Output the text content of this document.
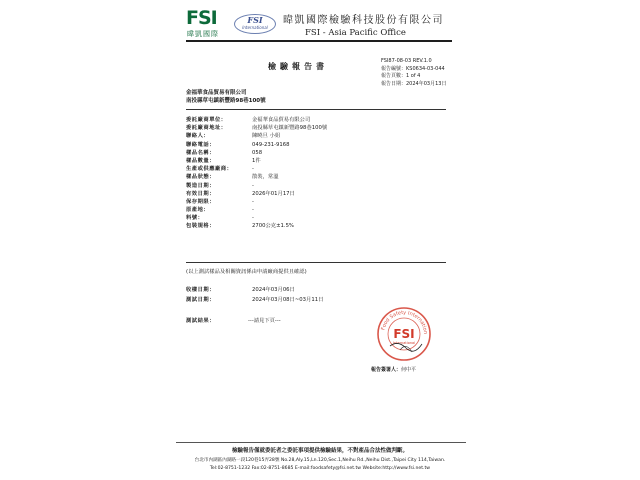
FSI
暐凱國際
FSI
International
暐凱國際檢驗科技股份有限公司
FSI - Asia Pacific Office
檢驗報告書
FSI87-08-03 REV.1.0
報告編號：KS0634-03-044
報告頁數：1 of 4
報告日期：2024年03月13日
金福華食品貿易有限公司
南投縣草屯鎮新豐路98巷100號
委託廠商單位：	金福華食品貿易有限公司
委託廠商地址：	南投縣草屯鎮新豐路98巷100號
聯絡人：	陳曉旦 小姐
聯絡電話：	049-231-9168
樣品名稱：	058
樣品數量：	1件
生產或供應廠商：	-
樣品狀態：	散裝，常溫
製造日期：	-
有效日期：	2026年01月17日
保存期限：	-
原產地：	-
料號：	-
包裝規格：	2700公克±1.5%
(以上測試樣品及相關資訊係由申請廠商提供且確認)
收樣日期：	2024年03月06日
測試日期：	2024年03月08日~03月11日
測試結果：	---請見下頁---
Food Safety Internation
FSI
International
報告簽署人：何中平
檢驗報告僅就委託者之委託事項提供檢驗結果，不對產品合法性做判斷。
台北市內湖區內湖路一段120巷15弄28號 No.28,Aly.15,Ln.120,Sec.1,Neihu Rd.,Neihu Dist.,Taipei City 114,Taiwan.
Tel:02-8751-1232 Fax:02-8751-8685 E-mail:foodsafety@fsi.net.tw Website:http://www.fsi.net.tw
